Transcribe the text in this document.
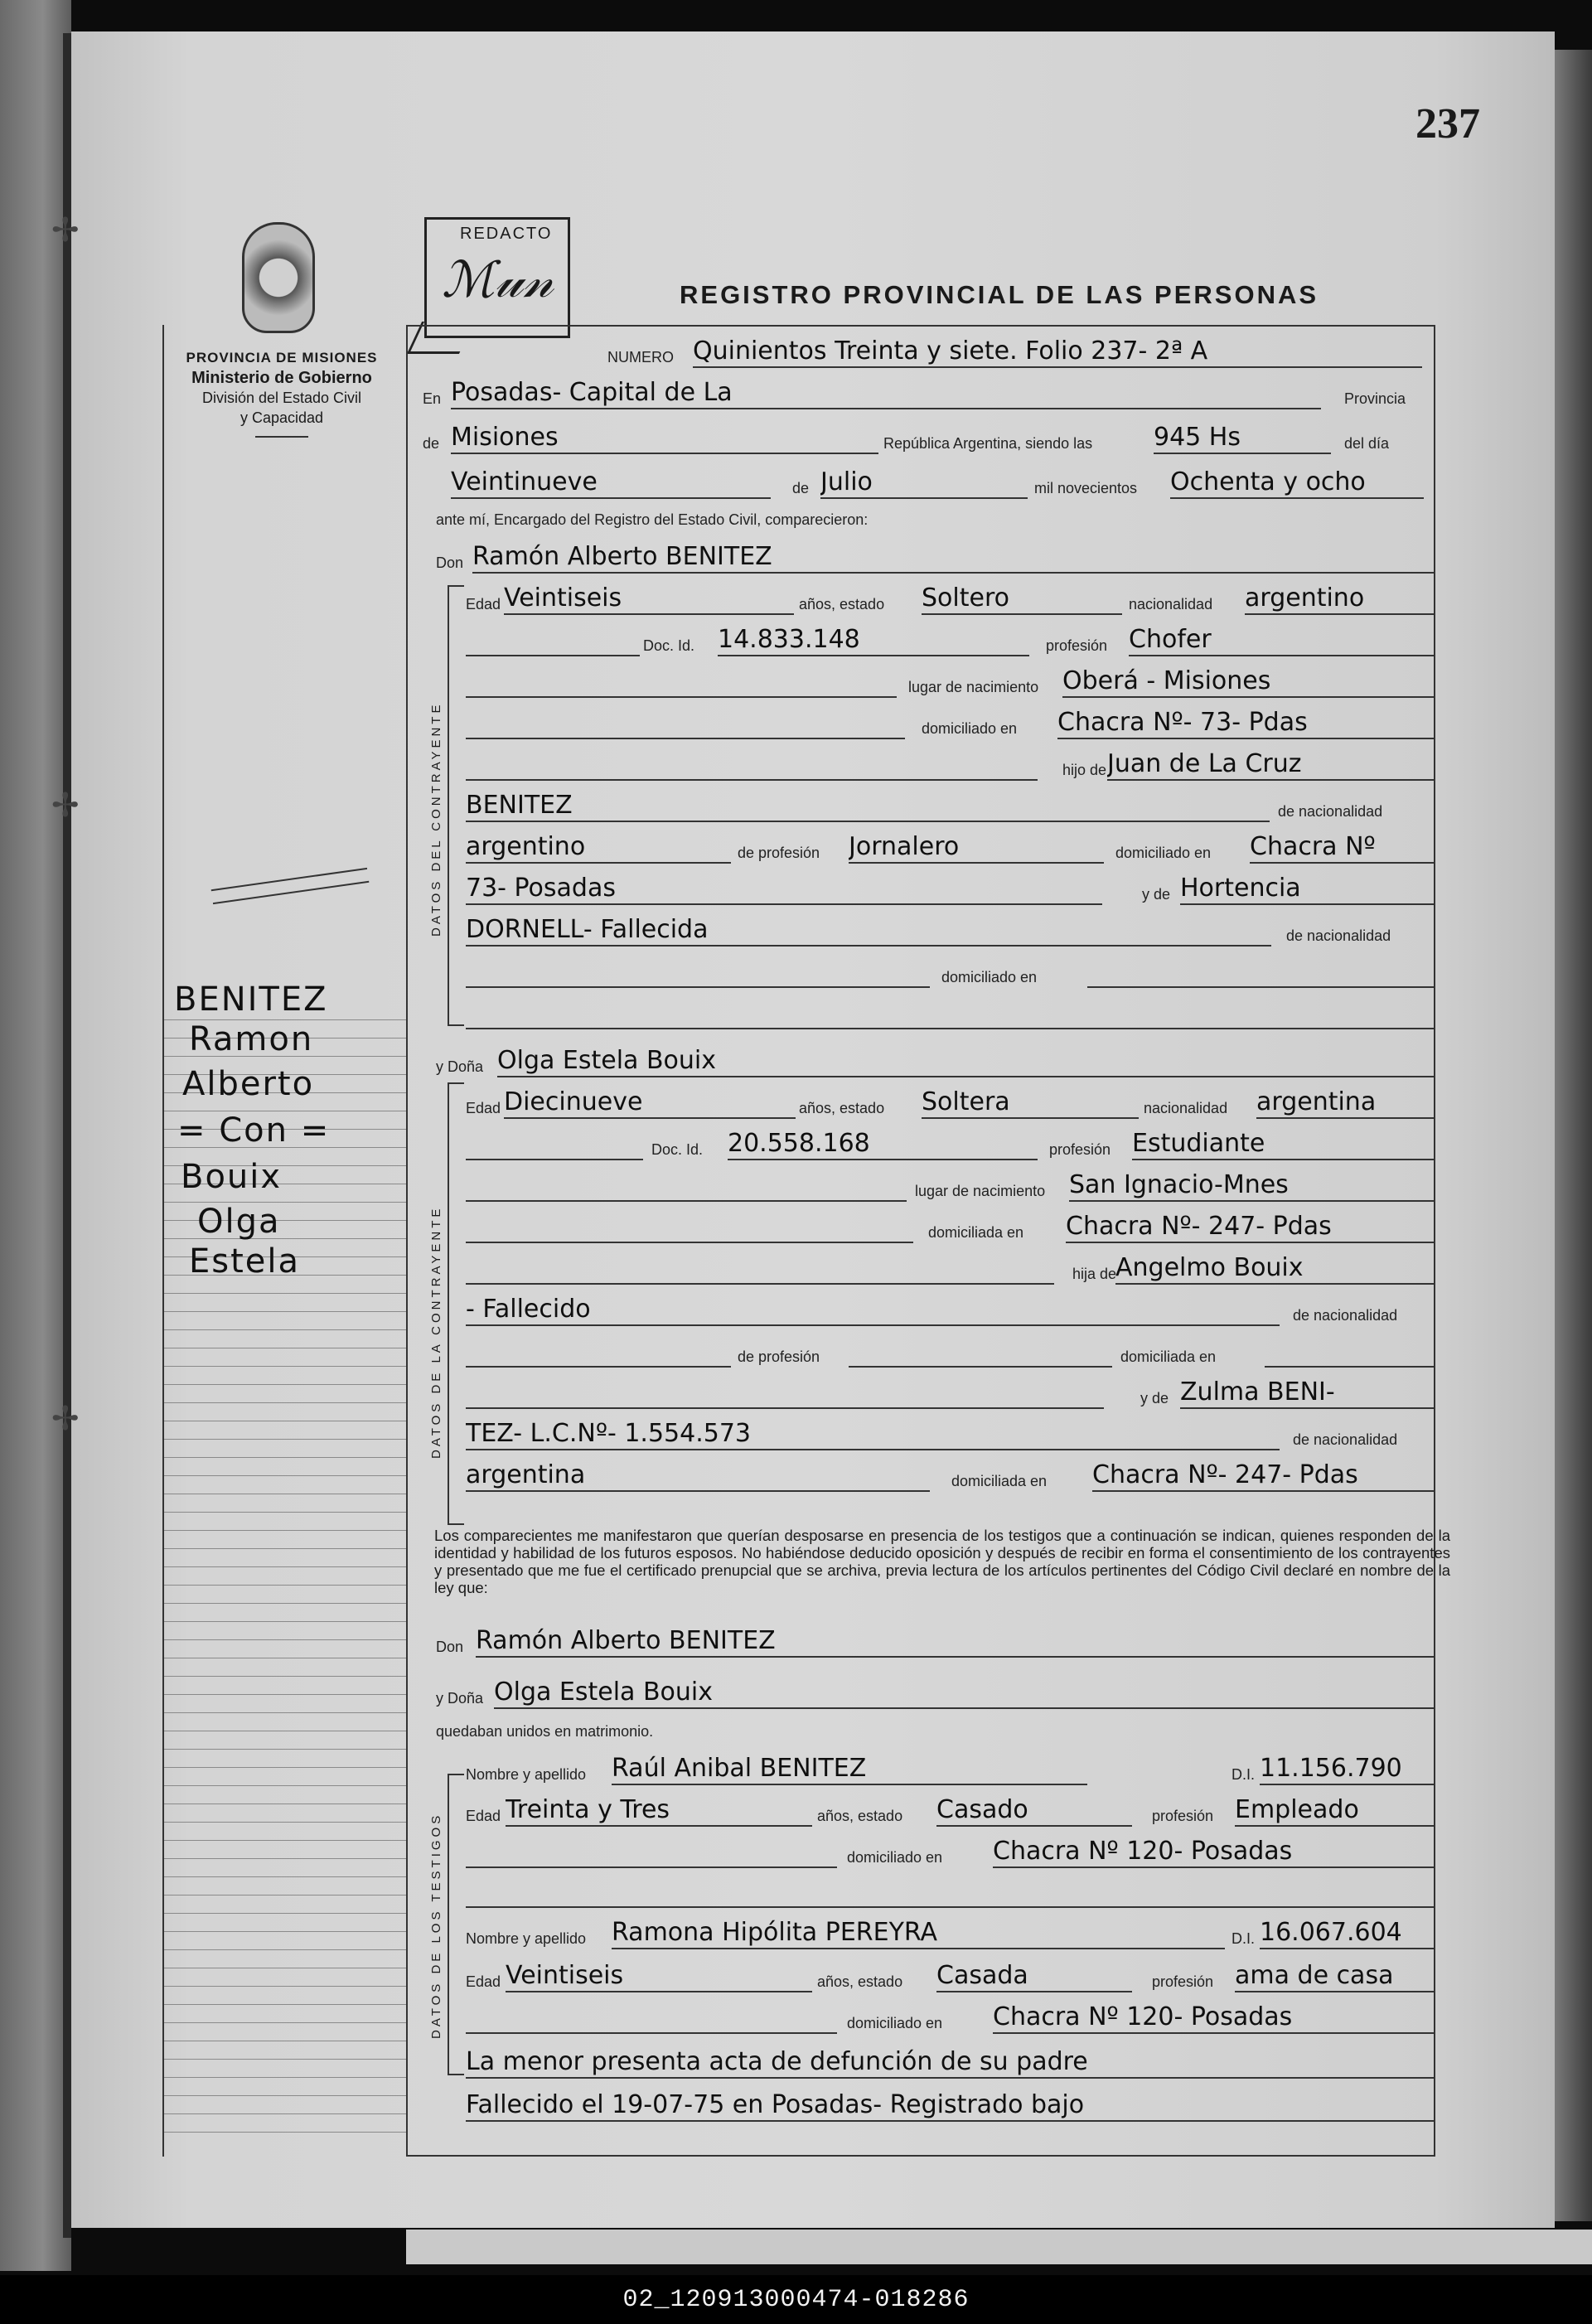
✢
✢
✢
237
PROVINCIA DE MISIONES
Ministerio de Gobierno
División del Estado Civil
y Capacidad
REDACTO
ℳ𝓊𝓃	REGISTRO PROVINCIAL DE LAS PERSONAS
BENITEZ
Ramon
Alberto
= Con =
Bouix
Olga
Estela
DATOS DEL CONTRAYENTE
DATOS DE LA CONTRAYENTE
DATOS DE LOS TESTIGOS
NUMERO Quinientos Treinta y siete. Folio 237- 2ª A
En Posadas- Capital de La	Provincia
de Misiones	República Argentina, siendo las 945 Hs	del día
Veintinueve	de Julio	mil novecientos Ochenta y ocho
ante mí, Encargado del Registro del Estado Civil, comparecieron:
Don Ramón Alberto BENITEZ
Edad Veintiseis	años, estado Soltero	nacionalidad argentino
Doc. Id. 14.833.148	profesión Chofer
lugar de nacimiento Oberá - Misiones
domiciliado en Chacra Nº- 73- Pdas
hijo de Juan de La Cruz
BENITEZ	de nacionalidad
argentino	de profesión Jornalero	domiciliado en Chacra Nº
73- Posadas	y de Hortencia
DORNELL- Fallecida	de nacionalidad
domiciliado en
y Doña Olga Estela Bouix
Edad Diecinueve	años, estado Soltera	nacionalidad argentina
Doc. Id. 20.558.168	profesión Estudiante
lugar de nacimiento San Ignacio-Mnes
domiciliada en Chacra Nº- 247- Pdas
hija de
Angelmo Bouix
- Fallecido	de nacionalidad
de profesión	domiciliada en
y de Zulma BENI-
TEZ- L.C.Nº- 1.554.573	de nacionalidad
argentina	domiciliada en Chacra Nº- 247- Pdas
Los comparecientes me manifestaron que querían desposarse en presencia de los testigos que a continuación se indican, quienes responden de la identidad y habilidad de los futuros esposos. No habiéndose deducido oposición y después de recibir en forma el consentimiento de los contrayentes y presentado que me fue el certificado prenupcial que se archiva, previa lectura de los artículos pertinentes del Código Civil declaré en nombre de la ley que:
Don Ramón Alberto BENITEZ
y Doña Olga Estela Bouix
quedaban unidos en matrimonio.
Nombre y apellido Raúl Anibal BENITEZ	D.I. 11.156.790
Edad Treinta y Tres	años, estado Casado	profesión Empleado
domiciliado en Chacra Nº 120- Posadas
Nombre y apellido Ramona Hipólita PEREYRA	D.I. 16.067.604
Edad Veintiseis	años, estado Casada	profesión ama de casa
domiciliado en Chacra Nº 120- Posadas
La menor presenta acta de defunción de su padre
Fallecido el 19-07-75 en Posadas- Registrado bajo
02_120913000474-018286
